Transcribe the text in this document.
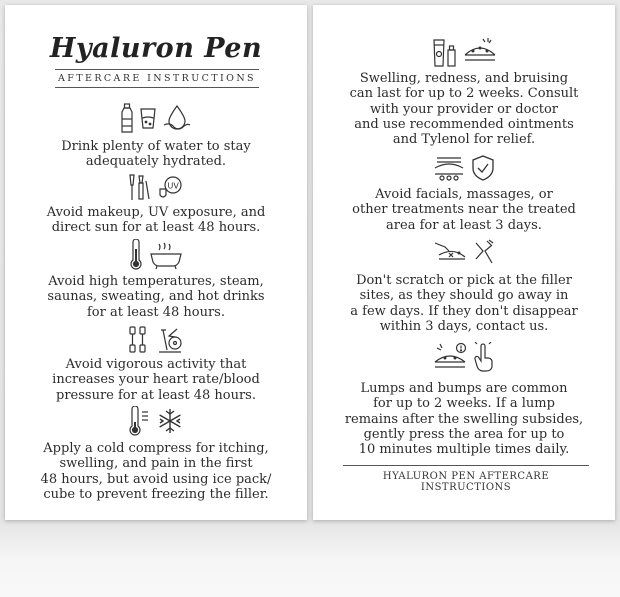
Hyaluron Pen
AFTERCARE INSTRUCTIONS
Drink plenty of water to stay
adequately hydrated.
UV
Avoid makeup, UV exposure, and
direct sun for at least 48 hours.
Avoid high temperatures, steam,
saunas, sweating, and hot drinks
for at least 48 hours.
Avoid vigorous activity that
increases your heart rate/blood
pressure for at least 48 hours.
Apply a cold compress for itching,
swelling, and pain in the first
48 hours, but avoid using ice pack/
cube to prevent freezing the filler.
Swelling, redness, and bruising
can last for up to 2 weeks. Consult
with your provider or doctor
and use recommended ointments
and Tylenol for relief.
Avoid facials, massages, or
other treatments near the treated
area for at least 3 days.
Don't scratch or pick at the filler
sites, as they should go away in
a few days. If they don't disappear
within 3 days, contact us.
Lumps and bumps are common
for up to 2 weeks. If a lump
remains after the swelling subsides,
gently press the area for up to
10 minutes multiple times daily.
HYALURON PEN AFTERCARE INSTRUCTIONS
